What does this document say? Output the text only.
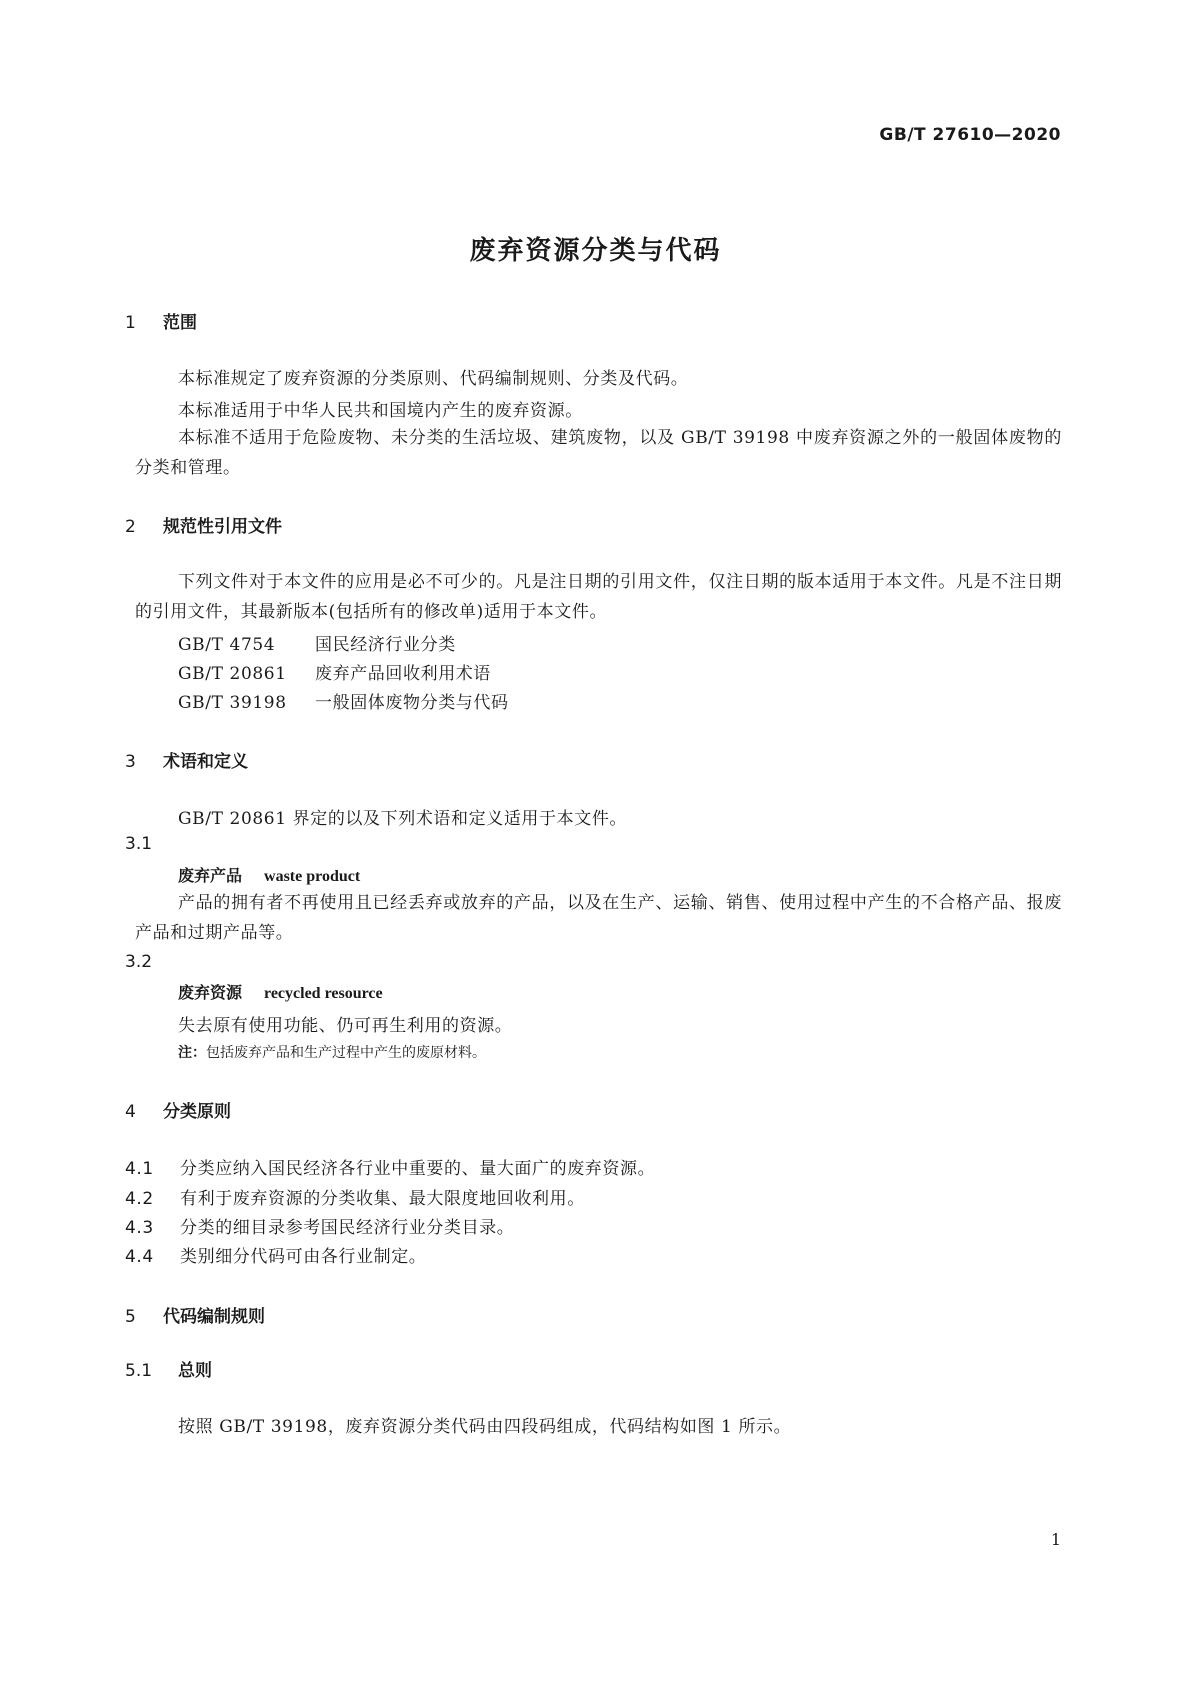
GB/T 27610—2020
废弃资源分类与代码
1 范围
本标准规定了废弃资源的分类原则、代码编制规则、分类及代码。
本标准适用于中华人民共和国境内产生的废弃资源。
本标准不适用于危险废物、未分类的生活垃圾、建筑废物，以及 GB/T 39198 中废弃资源之外的一般固体废物的分类和管理。
2 规范性引用文件
下列文件对于本文件的应用是必不可少的。凡是注日期的引用文件，仅注日期的版本适用于本文件。凡是不注日期的引用文件，其最新版本(包括所有的修改单)适用于本文件。
GB/T 4754 国民经济行业分类
GB/T 20861 废弃产品回收利用术语
GB/T 39198 一般固体废物分类与代码
3 术语和定义
GB/T 20861 界定的以及下列术语和定义适用于本文件。
3.1
废弃产品 waste product
产品的拥有者不再使用且已经丢弃或放弃的产品，以及在生产、运输、销售、使用过程中产生的不合格产品、报废产品和过期产品等。
3.2
废弃资源 recycled resource
失去原有使用功能、仍可再生利用的资源。
注：包括废弃产品和生产过程中产生的废原材料。
4 分类原则
4.1 分类应纳入国民经济各行业中重要的、量大面广的废弃资源。
4.2 有利于废弃资源的分类收集、最大限度地回收利用。
4.3 分类的细目录参考国民经济行业分类目录。
4.4 类别细分代码可由各行业制定。
5 代码编制规则
5.1 总则
按照 GB/T 39198，废弃资源分类代码由四段码组成，代码结构如图 1 所示。
1
